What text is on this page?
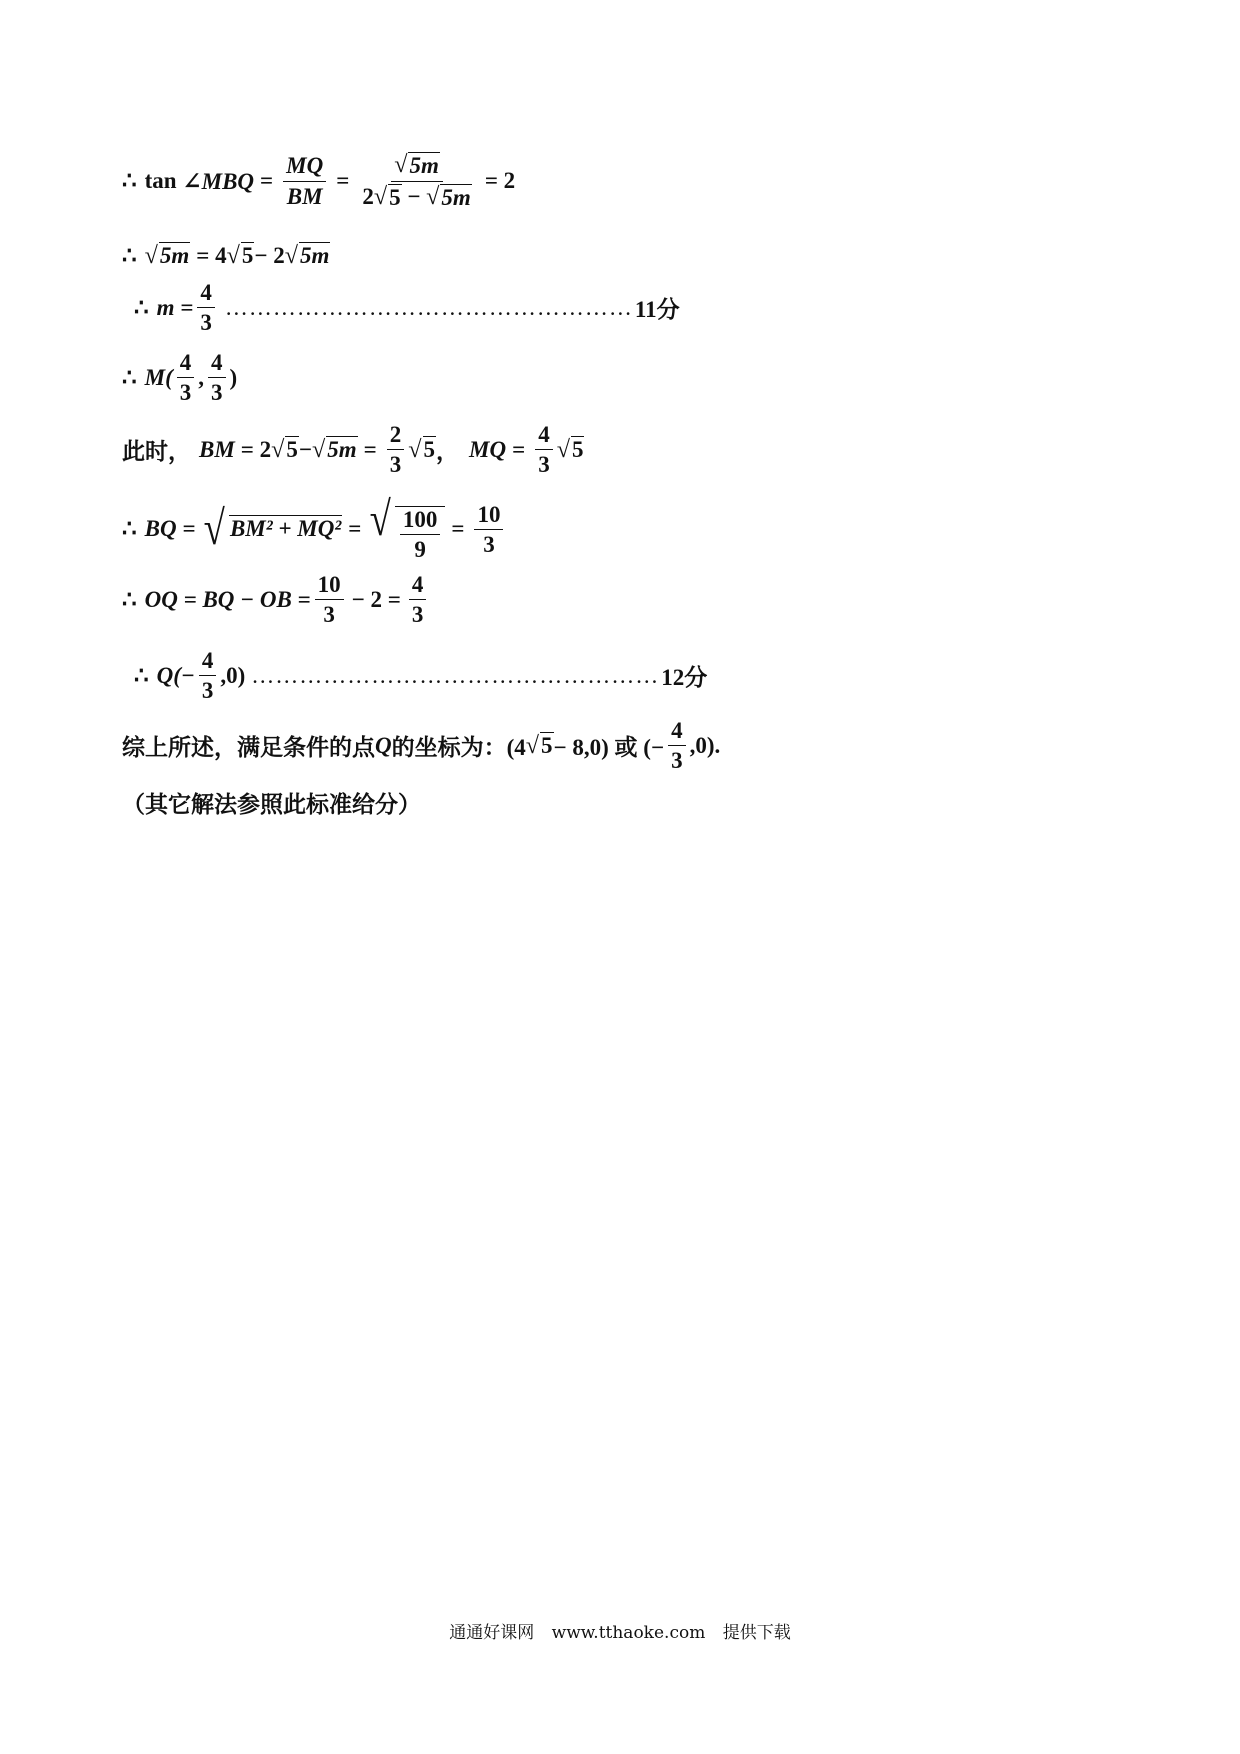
∴ tan
∠MBQ = $\frac{MQ}{BM} = \frac{√ 5m}{2 √ 5 - √ 5m} = 2$
∴ √ 5m = 4 √ 5 − 2 √ 5m
∴ $m = \frac{4}{3}$ …………………………………………… 11分
∴ $M( \frac{4}{3}$ , $\frac{4}{3}$ )
此时， BM = 2 √ 5 − √ $5m = \frac{2}{3}$ √ 5 ， MQ = $\frac{4}{3}$ √ 5
∴ BQ = √ BM² + MQ² = √ $\frac{100}{9} = \frac{10}{3}$
∴ OQ = BQ − OB = $\frac{10}{3} - 2 = \frac{4}{3}$
∴ $Q(- \frac{4}{3} ,0)$ …………………………………………… 12分
综上所述，满足条件的点 Q 的坐标为：(4 √ 5 − 8,0) 或 (− $\frac{4}{3} ,0$).
（其它解法参照此标准给分）
通通好课网 www.tthaoke.com 提供下载
